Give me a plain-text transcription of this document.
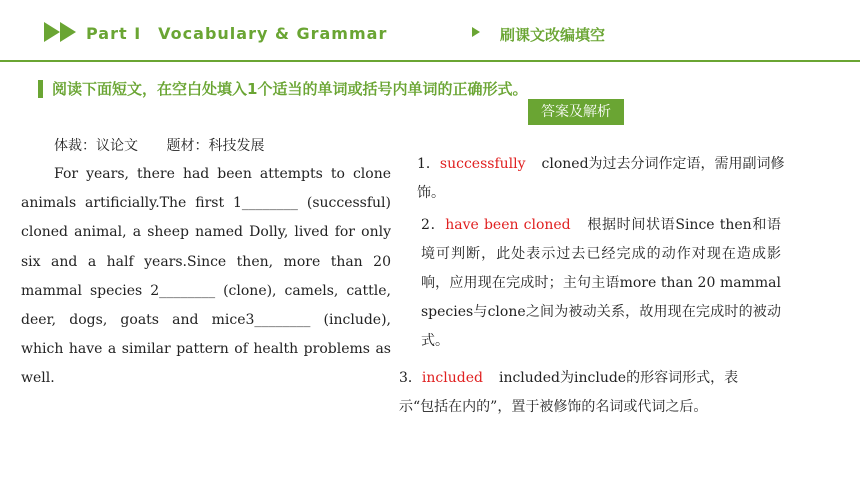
Part Ⅰ　Vocabulary & Grammar	刷课文改编填空
阅读下面短文，在空白处填入1个适当的单词或括号内单词的正确形式。
答案及解析
体裁：议论文 题材：科技发展
For years, there had been attempts to clone animals artificially.The first 1________ (successful) cloned animal, a sheep named Dolly, lived for only six and a half years.Since then, more than 20 mammal species 2________ (clone), camels, cattle, deer, dogs, goats and mice3________ (include), which have a similar pattern of health problems as well.
1．successfully cloned为过去分词作定语，需用副词修饰。
2．have been cloned 根据时间状语Since then和语境可判断，此处表示过去已经完成的动作对现在造成影响，应用现在完成时；主句主语more than 20 mammal species与clone之间为被动关系，故用现在完成时的被动式。
3．included included为include的形容词形式，表示“包括在内的”，置于被修饰的名词或代词之后。
